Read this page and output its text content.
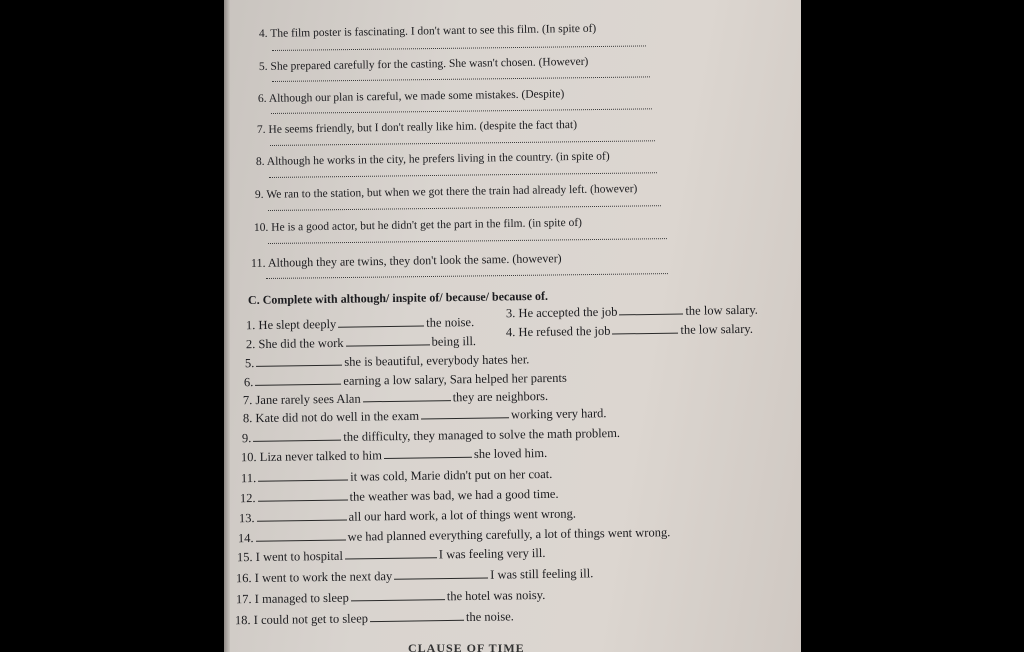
4. The film poster is fascinating. I don't want to see this film. (In spite of)
5. She prepared carefully for the casting. She wasn't chosen. (However)
6. Although our plan is careful, we made some mistakes. (Despite)
7. He seems friendly, but I don't really like him. (despite the fact that)
8. Although he works in the city, he prefers living in the country. (in spite of)
9. We ran to the station, but when we got there the train had already left. (however)
10. He is a good actor, but he didn't get the part in the film. (in spite of)
11. Although they are twins, they don't look the same. (however)
C. Complete with although/ inspite of/ because/ because of.
1. He slept deeply	the noise.
3. He accepted the job	the low salary.
2. She did the work	being ill.
4. He refused the job	the low salary.
5.	she is beautiful, everybody hates her.
6.	earning a low salary, Sara helped her parents
7. Jane rarely sees Alan	they are neighbors.
8. Kate did not do well in the exam	working very hard.
9.	the difficulty, they managed to solve the math problem.
10. Liza never talked to him	she loved him.
11.	it was cold, Marie didn't put on her coat.
12.	the weather was bad, we had a good time.
13.	all our hard work, a lot of things went wrong.
14.	we had planned everything carefully, a lot of things went wrong.
15. I went to hospital	I was feeling very ill.
16. I went to work the next day	I was still feeling ill.
17. I managed to sleep	the hotel was noisy.
18. I could not get to sleep	the noise.
CLAUSE OF TIME
